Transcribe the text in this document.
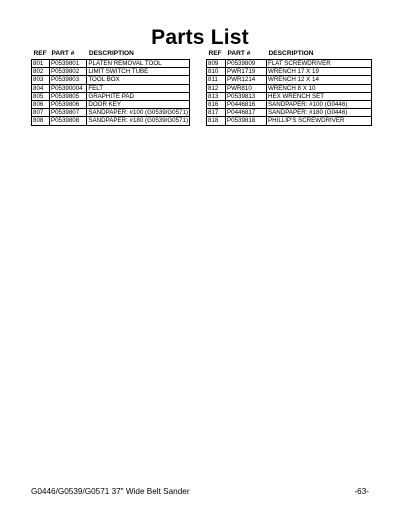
Parts List
REF	PART #	DESCRIPTION
801	P0539801	PLATEN REMOVAL TOOL
802	P0539802	LIMIT SWITCH TUBE
803	P0539803	TOOL BOX
804	P05390004	FELT
805	P0539805	GRAPHITE PAD
806	P0539806	DOOR KEY
807	P0539807	SANDPAPER: #100 (G0539/G0571)
808	P0539808	SANDPAPER: #180 (G0539/G0571)
REF	PART #	DESCRIPTION
809	P0539809	FLAT SCREWDRIVER
810	PWR1719	WRENCH 17 X 19
811	PWR1214	WRENCH 12 X 14
812	PWR810	WRENCH 8 X 10
813	P0539813	HEX WRENCH SET
816	P0446816	SANDPAPER: #100 (G0446)
817	P0446817	SANDPAPER: #180 (G0446)
818	P0539818	PHILLIP'S SCREWDRIVER
G0446/G0539/G0571 37" Wide Belt Sander	-63-
